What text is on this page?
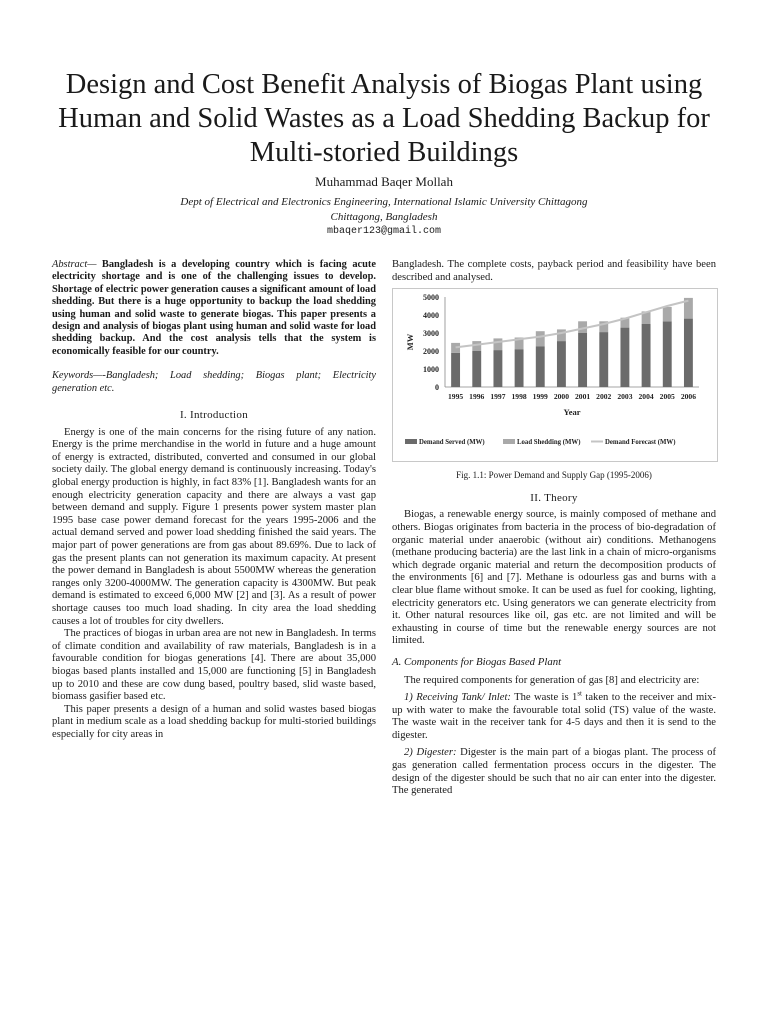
Design and Cost Benefit Analysis of Biogas Plant using Human and Solid Wastes as a Load Shedding Backup for Multi-storied Buildings
Muhammad Baqer Mollah
Dept of Electrical and Electronics Engineering, International Islamic University Chittagong
Chittagong, Bangladesh
mbaqer123@gmail.com

Abstract— Bangladesh is a developing country which is facing acute electricity shortage and is one of the challenging issues to develop. Shortage of electric power generation causes a significant amount of load shedding. But there is a huge opportunity to backup the load shedding using human and solid waste to generate biogas. This paper presents a design and analysis of biogas plant using human and solid waste for load shedding backup. And the cost analysis tells that the system is economically feasible for our country.

Keywords—-Bangladesh; Load shedding; Biogas plant; Electricity generation etc.

I. Introduction

Energy is one of the main concerns for the rising future of any nation. Energy is the prime merchandise in the world in future and a huge amount of energy is extracted, distributed, converted and consumed in our global society daily. The global energy demand is continuously increasing. Today's global energy production is highly, in fact 83% [1]. Bangladesh wants for an enough electricity generation capacity and there are always a vast gap between demand and supply. Figure 1 presents power system master plan 1995 base case power demand forecast for the years 1995-2006 and the actual demand served and power load shedding finished the said years. The major part of power generations are from gas about 89.69%. Due to lack of gas the present plants can not generation its maximum capacity. At present the power demand in Bangladesh is about 5500MW whereas the generation ranges only 3200-4000MW. The generation capacity is 4300MW. But peak demand is estimated to exceed 6,000 MW [2] and [3]. As a result of power shortage causes too much load shading. In city area the load shedding causes a lot of troubles for city dwellers.

The practices of biogas in urban area are not new in Bangladesh. In terms of climate condition and availability of raw materials, Bangladesh is in a favourable condition for biogas generations [4]. There are about 35,000 biogas based plants installed and 15,000 are functioning [5] in Bangladesh up to 2010 and these are cow dung based, poultry based, slid waste based, biomass gasifier based etc.

This paper presents a design of a human and solid wastes based biogas plant in medium scale as a load shedding backup for multi-storied buildings especially for city areas in

Bangladesh. The complete costs, payback period and feasibility have been described and analysed.

0
1000
2000
3000
4000
5000
MW
1995 1996 1997 1998 1999 2000 2001 2002 2003 2004 2005 2006
Year
Demand Served (MW)	Load Shedding (MW)	Demand Forecast (MW)
Fig. 1.1: Power Demand and Supply Gap (1995-2006)
II. Theory

Biogas, a renewable energy source, is mainly composed of methane and others. Biogas originates from bacteria in the process of bio-degradation of organic material under anaerobic (without air) conditions. Methanogens (methane producing bacteria) are the last link in a chain of micro-organisms which degrade organic material and return the decomposition products of the environments [6] and [7]. Methane is odourless gas and burns with a clear blue flame without smoke. It can be used as fuel for cooking, lighting, electricity generators etc. Using generators we can generate electricity from it. Other natural resources like oil, gas etc. are not limited and will be exhausting in course of time but the renewable energy sources are not limited.

A. Components for Biogas Based Plant

The required components for generation of gas [8] and electricity are:

1) Receiving Tank/ Inlet: The waste is 1st taken to the receiver and mix-up with water to make the favourable total solid (TS) value of the waste. The waste wait in the receiver tank for 4-5 days and then it is send to the digester.

2) Digester: Digester is the main part of a biogas plant. The process of gas generation called fermentation process occurs in the digester. The design of the digester should be such that no air can enter into the digester. The generated
